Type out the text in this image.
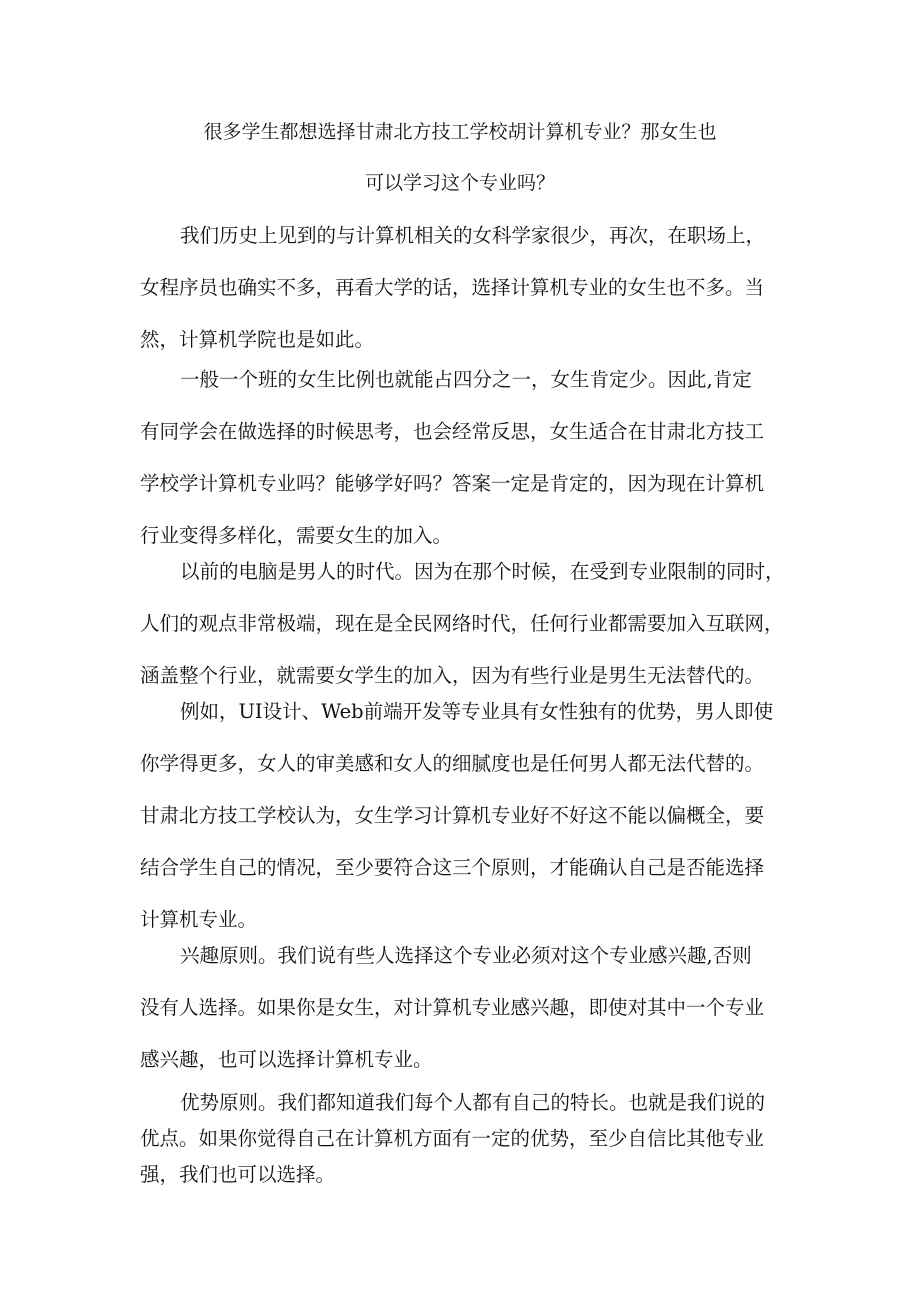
很多学生都想选择甘肃北方技工学校胡计算机专业？那女生也
可以学习这个专业吗？

我们历史上见到的与计算机相关的女科学家很少，再次，在职场上，
女程序员也确实不多，再看大学的话，选择计算机专业的女生也不多。当
然，计算机学院也是如此。

一般一个班的女生比例也就能占四分之一，女生肯定少。因此,肯定
有同学会在做选择的时候思考，也会经常反思，女生适合在甘肃北方技工
学校学计算机专业吗？能够学好吗？答案一定是肯定的，因为现在计算机
行业变得多样化，需要女生的加入。

以前的电脑是男人的时代。因为在那个时候，在受到专业限制的同时，
人们的观点非常极端，现在是全民网络时代，任何行业都需要加入互联网，
涵盖整个行业，就需要女学生的加入，因为有些行业是男生无法替代的。

例如，UI设计、Web前端开发等专业具有女性独有的优势，男人即使
你学得更多，女人的审美感和女人的细腻度也是任何男人都无法代替的。
甘肃北方技工学校认为，女生学习计算机专业好不好这不能以偏概全，要
结合学生自己的情况，至少要符合这三个原则，才能确认自己是否能选择
计算机专业。

兴趣原则。我们说有些人选择这个专业必须对这个专业感兴趣,否则
没有人选择。如果你是女生，对计算机专业感兴趣，即使对其中一个专业
感兴趣，也可以选择计算机专业。

优势原则。我们都知道我们每个人都有自己的特长。也就是我们说的
优点。如果你觉得自己在计算机方面有一定的优势，至少自信比其他专业
强，我们也可以选择。
